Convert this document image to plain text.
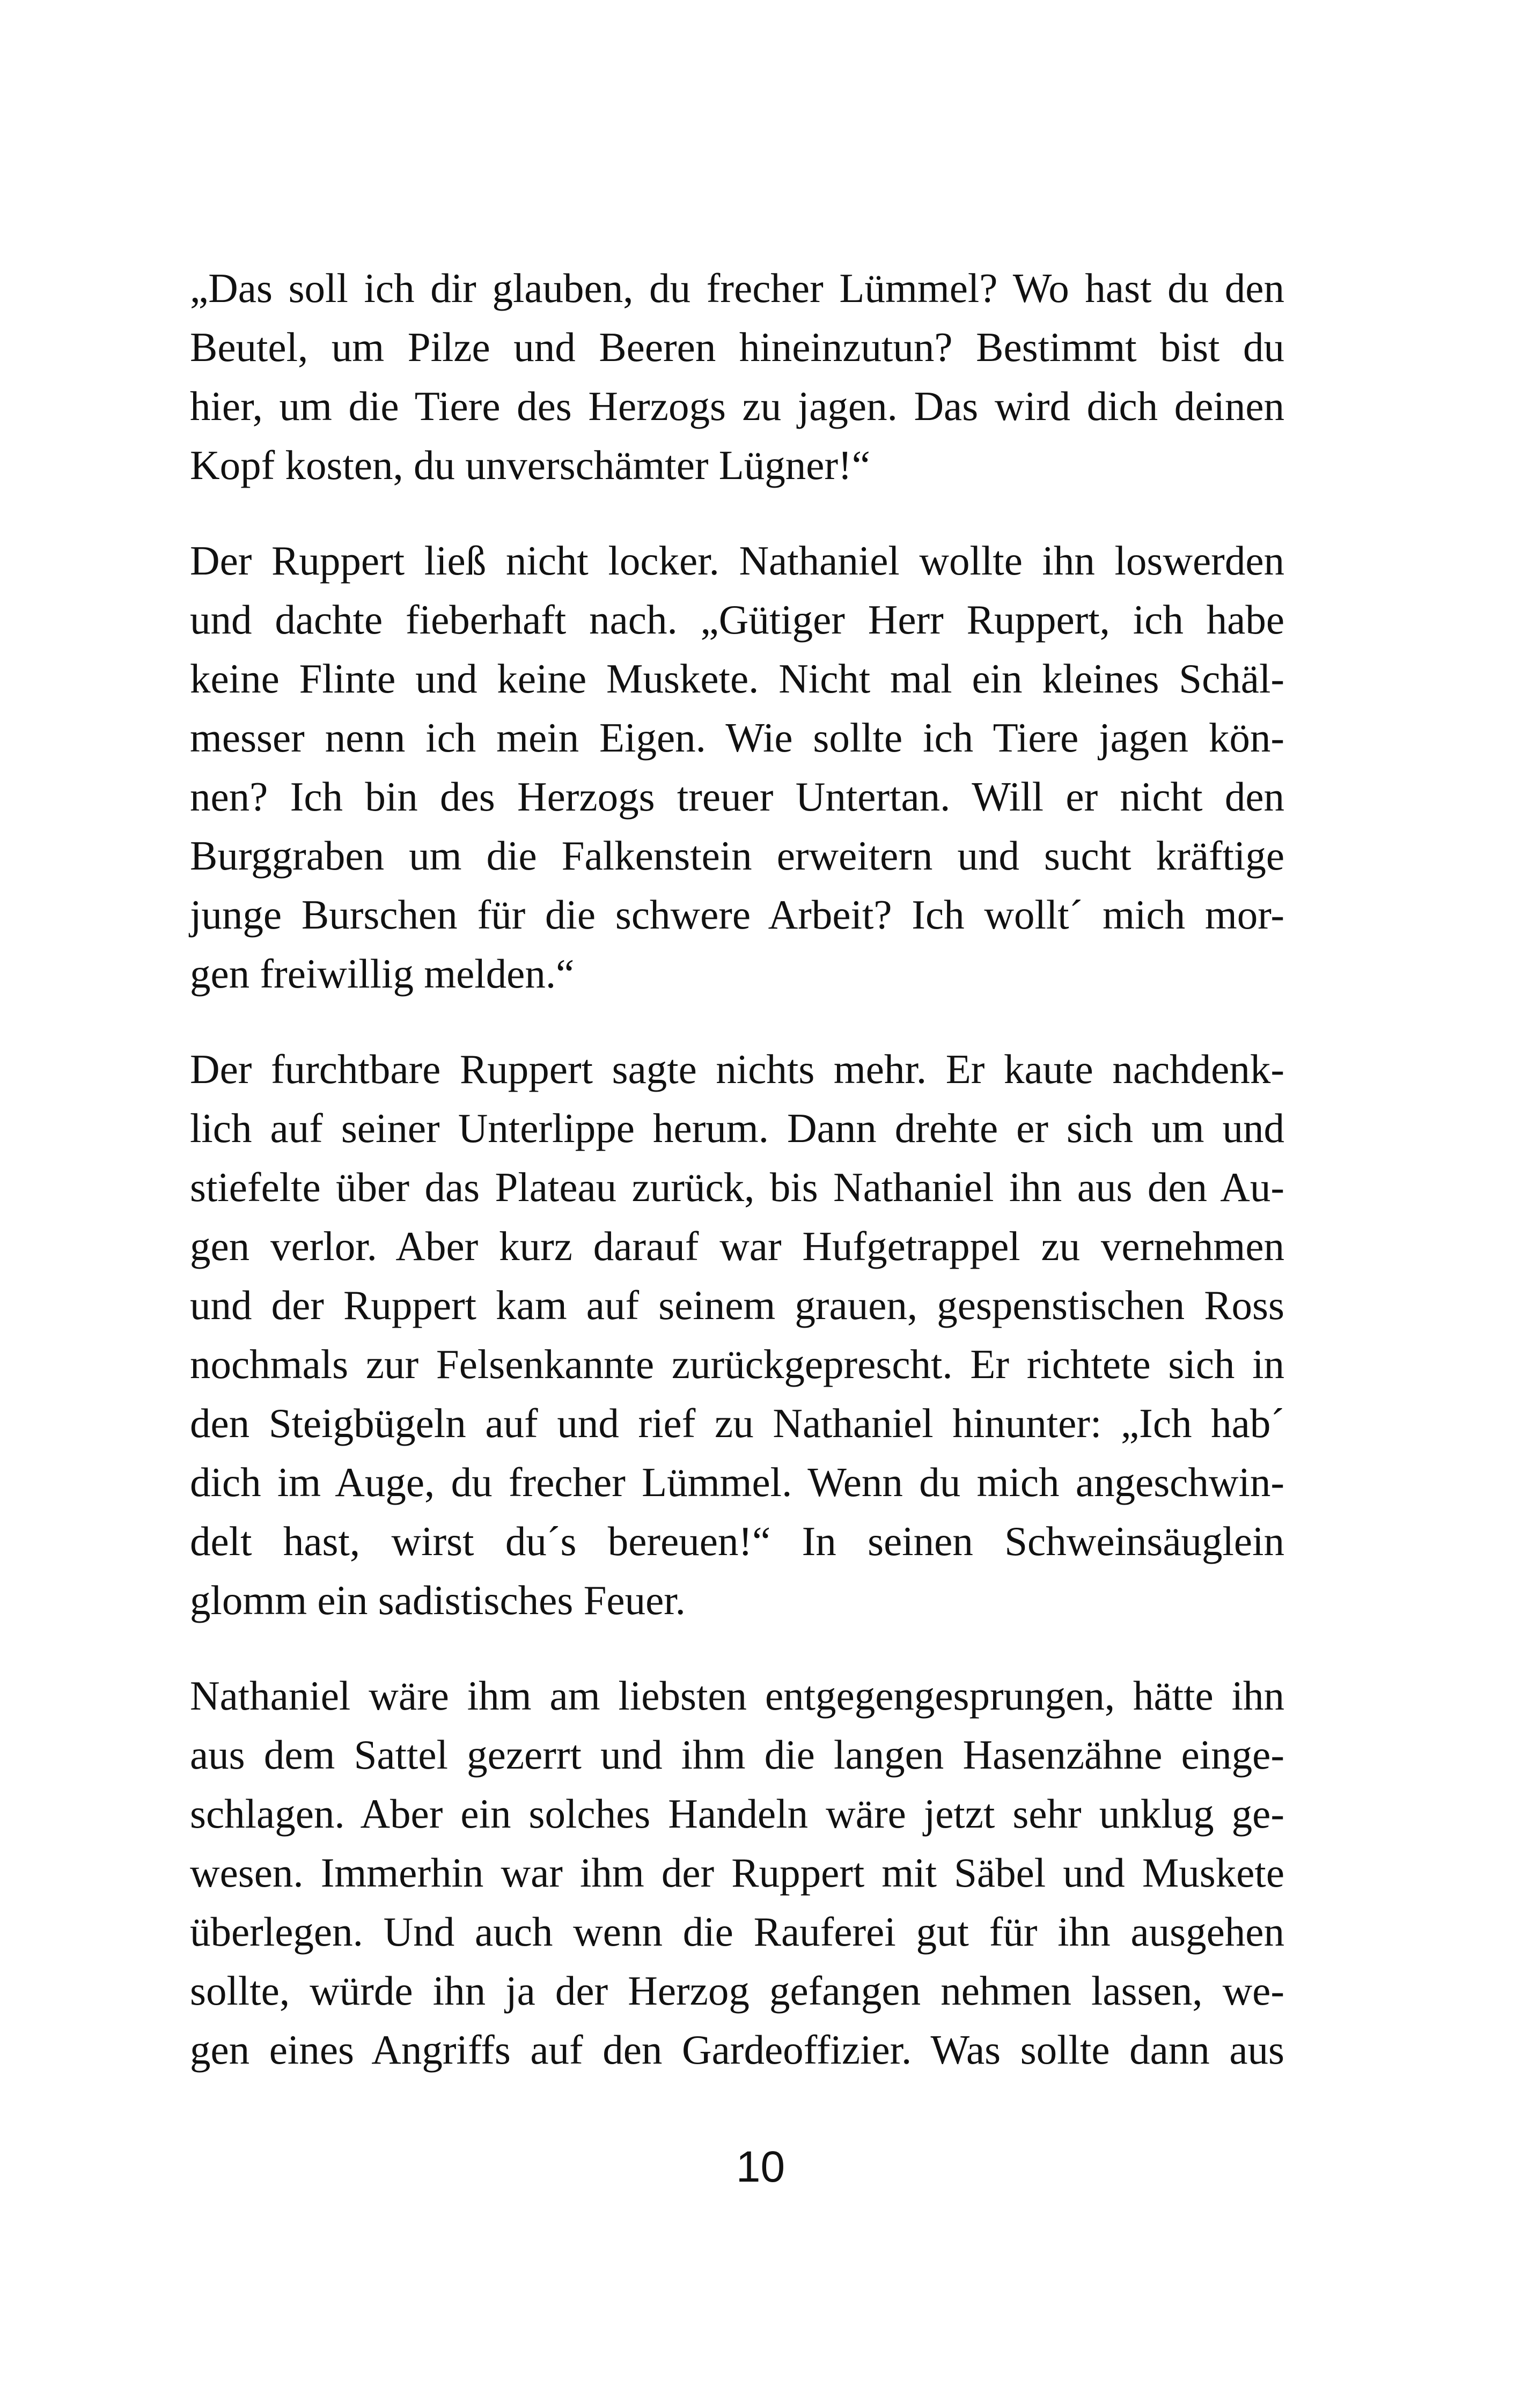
„Das soll ich dir glauben, du frecher Lümmel? Wo hast du den
Beutel, um Pilze und Beeren hineinzutun? Bestimmt bist du
hier, um die Tiere des Herzogs zu jagen. Das wird dich deinen
Kopf kosten, du unverschämter Lügner!“

Der Ruppert ließ nicht locker. Nathaniel wollte ihn loswerden
und dachte fieberhaft nach. „Gütiger Herr Ruppert, ich habe
keine Flinte und keine Muskete. Nicht mal ein kleines Schäl-
messer nenn ich mein Eigen. Wie sollte ich Tiere jagen kön-
nen? Ich bin des Herzogs treuer Untertan. Will er nicht den
Burggraben um die Falkenstein erweitern und sucht kräftige
junge Burschen für die schwere Arbeit? Ich wollt´ mich mor-
gen freiwillig melden.“

Der furchtbare Ruppert sagte nichts mehr. Er kaute nachdenk-
lich auf seiner Unterlippe herum. Dann drehte er sich um und
stiefelte über das Plateau zurück, bis Nathaniel ihn aus den Au-
gen verlor. Aber kurz darauf war Hufgetrappel zu vernehmen
und der Ruppert kam auf seinem grauen, gespenstischen Ross
nochmals zur Felsenkannte zurückgeprescht. Er richtete sich in
den Steigbügeln auf und rief zu Nathaniel hinunter: „Ich hab´
dich im Auge, du frecher Lümmel. Wenn du mich angeschwin-
delt hast, wirst du´s bereuen!“ In seinen Schweinsäuglein
glomm ein sadistisches Feuer.

Nathaniel wäre ihm am liebsten entgegengesprungen, hätte ihn
aus dem Sattel gezerrt und ihm die langen Hasenzähne einge-
schlagen. Aber ein solches Handeln wäre jetzt sehr unklug ge-
wesen. Immerhin war ihm der Ruppert mit Säbel und Muskete
überlegen. Und auch wenn die Rauferei gut für ihn ausgehen
sollte, würde ihn ja der Herzog gefangen nehmen lassen, we-
gen eines Angriffs auf den Gardeoffizier. Was sollte dann aus

10
